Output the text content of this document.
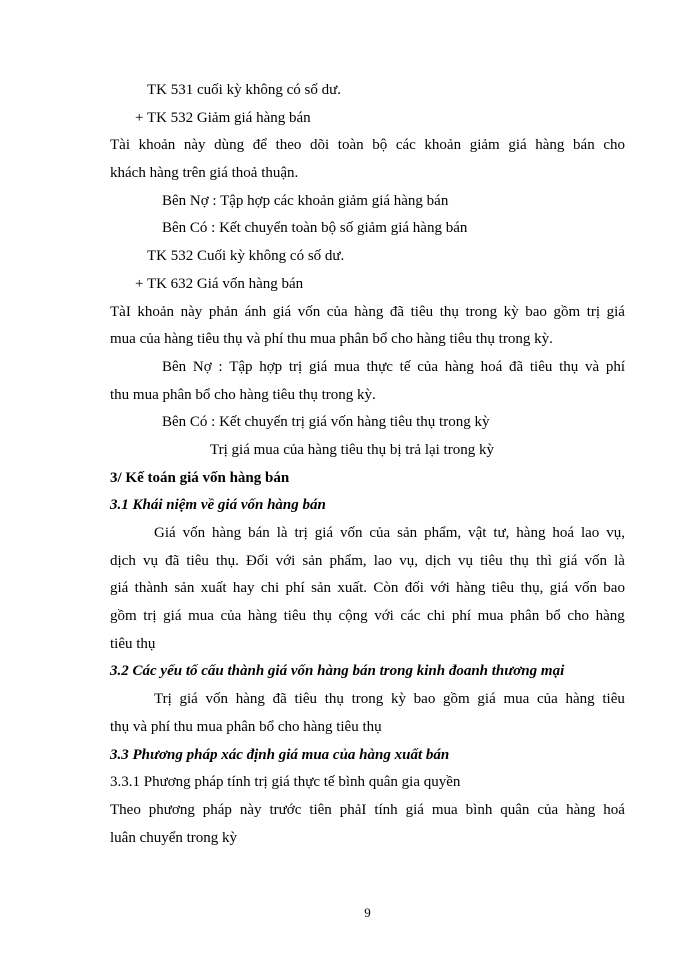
TK 531 cuối kỳ không có số dư.
+ TK 532 Giảm giá hàng bán
Tài khoản này dùng để theo dõi toàn bộ các khoản giảm giá hàng bán cho
khách hàng trên giá thoả thuận.
Bên Nợ : Tập hợp các khoản giảm giá hàng bán
Bên Có : Kết chuyển toàn bộ số giảm giá hàng bán
TK 532 Cuối kỳ không có số dư.
+ TK 632 Giá vốn hàng bán
TàI khoản này phản ánh giá vốn của hàng đã tiêu thụ trong kỳ bao gồm trị giá
mua của hàng tiêu thụ và phí thu mua phân bổ cho hàng tiêu thụ trong kỳ.
Bên Nợ : Tập hợp trị giá mua thực tế của hàng hoá đã tiêu thụ và phí
thu mua phân bổ cho hàng tiêu thụ trong kỳ.
Bên Có : Kết chuyển trị giá vốn hàng tiêu thụ trong kỳ
Trị giá mua của hàng tiêu thụ bị trả lại trong kỳ
3/ Kế toán giá vốn hàng bán
3.1 Khái niệm về giá vốn hàng bán
Giá vốn hàng bán là trị giá vốn của sản phẩm, vật tư, hàng hoá lao vụ,
dịch vụ đã tiêu thụ. Đối với sản phẩm, lao vụ, dịch vụ tiêu thụ thì giá vốn là
giá thành sản xuất hay chi phí sản xuất. Còn đối với hàng tiêu thụ, giá vốn bao
gồm trị giá mua của hàng tiêu thụ cộng với các chi phí mua phân bổ cho hàng
tiêu thụ
3.2 Các yếu tố cấu thành giá vốn hàng bán trong kinh đoanh thương mại
Trị giá vốn hàng đã tiêu thụ trong kỳ bao gồm giá mua của hàng tiêu
thụ và phí thu mua phân bổ cho hàng tiêu thụ
3.3 Phương pháp xác định giá mua của hàng xuất bán
3.3.1 Phương pháp tính trị giá thực tế bình quân gia quyền
Theo phương pháp này trước tiên phảI tính giá mua bình quân của hàng hoá
luân chuyển trong kỳ
9
